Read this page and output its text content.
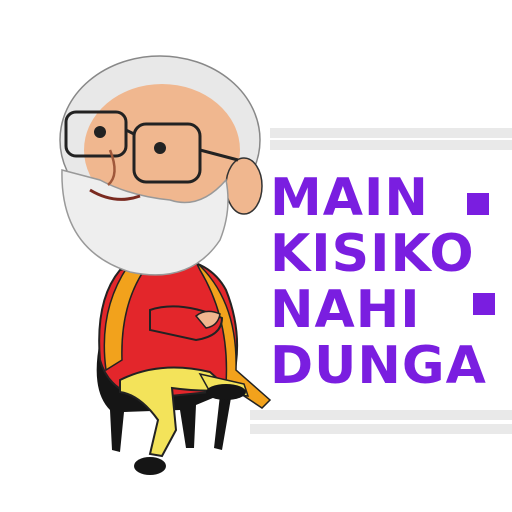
MAIN
KISIKO
NAHI
DUNGA
